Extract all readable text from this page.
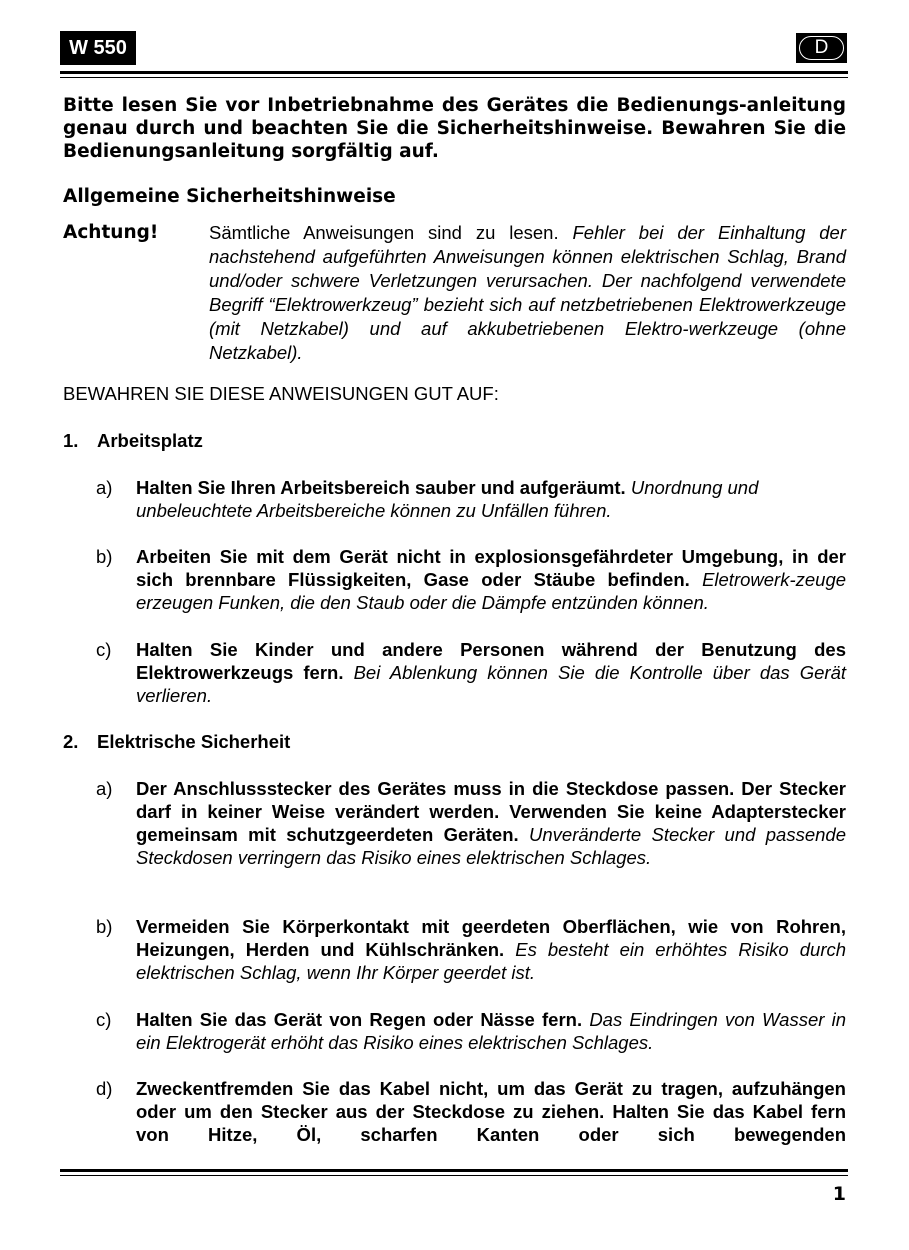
W 550	D
Bitte lesen Sie vor Inbetriebnahme des Gerätes die Bedienungs-anleitung genau durch und beachten Sie die Sicherheitshinweise. Bewahren Sie die Bedienungsanleitung sorgfältig auf.
Allgemeine Sicherheitshinweise
Achtung!	Sämtliche Anweisungen sind zu lesen. Fehler bei der Einhaltung der nachstehend aufgeführten Anweisungen können elektrischen Schlag, Brand und/oder schwere Verletzungen verursachen. Der nachfolgend verwendete Begriff “Elektrowerkzeug” bezieht sich auf netzbetriebenen Elektrowerkzeuge (mit Netzkabel) und auf akkubetriebenen Elektro-werkzeuge (ohne Netzkabel).
BEWAHREN SIE DIESE ANWEISUNGEN GUT AUF:
1. Arbeitsplatz
a) Halten Sie Ihren Arbeitsbereich sauber und aufgeräumt. Unordnung und unbeleuchtete Arbeitsbereiche können zu Unfällen führen.
b) Arbeiten Sie mit dem Gerät nicht in explosionsgefährdeter Umgebung, in der sich brennbare Flüssigkeiten, Gase oder Stäube befinden. Eletrowerk-zeuge erzeugen Funken, die den Staub oder die Dämpfe entzünden können.
c) Halten Sie Kinder und andere Personen während der Benutzung des Elektrowerkzeugs fern. Bei Ablenkung können Sie die Kontrolle über das Gerät verlieren.
2. Elektrische Sicherheit
a) Der Anschlussstecker des Gerätes muss in die Steckdose passen. Der Stecker darf in keiner Weise verändert werden. Verwenden Sie keine Adapterstecker gemeinsam mit schutzgeerdeten Geräten. Unveränderte Stecker und passende Steckdosen verringern das Risiko eines elektrischen Schlages.
b) Vermeiden Sie Körperkontakt mit geerdeten Oberflächen, wie von Rohren, Heizungen, Herden und Kühlschränken. Es besteht ein erhöhtes Risiko durch elektrischen Schlag, wenn Ihr Körper geerdet ist.
c) Halten Sie das Gerät von Regen oder Nässe fern. Das Eindringen von Wasser in ein Elektrogerät erhöht das Risiko eines elektrischen Schlages.
d) Zweckentfremden Sie das Kabel nicht, um das Gerät zu tragen, aufzuhängen oder um den Stecker aus der Steckdose zu ziehen. Halten Sie das Kabel fern von Hitze, Öl, scharfen Kanten oder sich bewegenden
1
